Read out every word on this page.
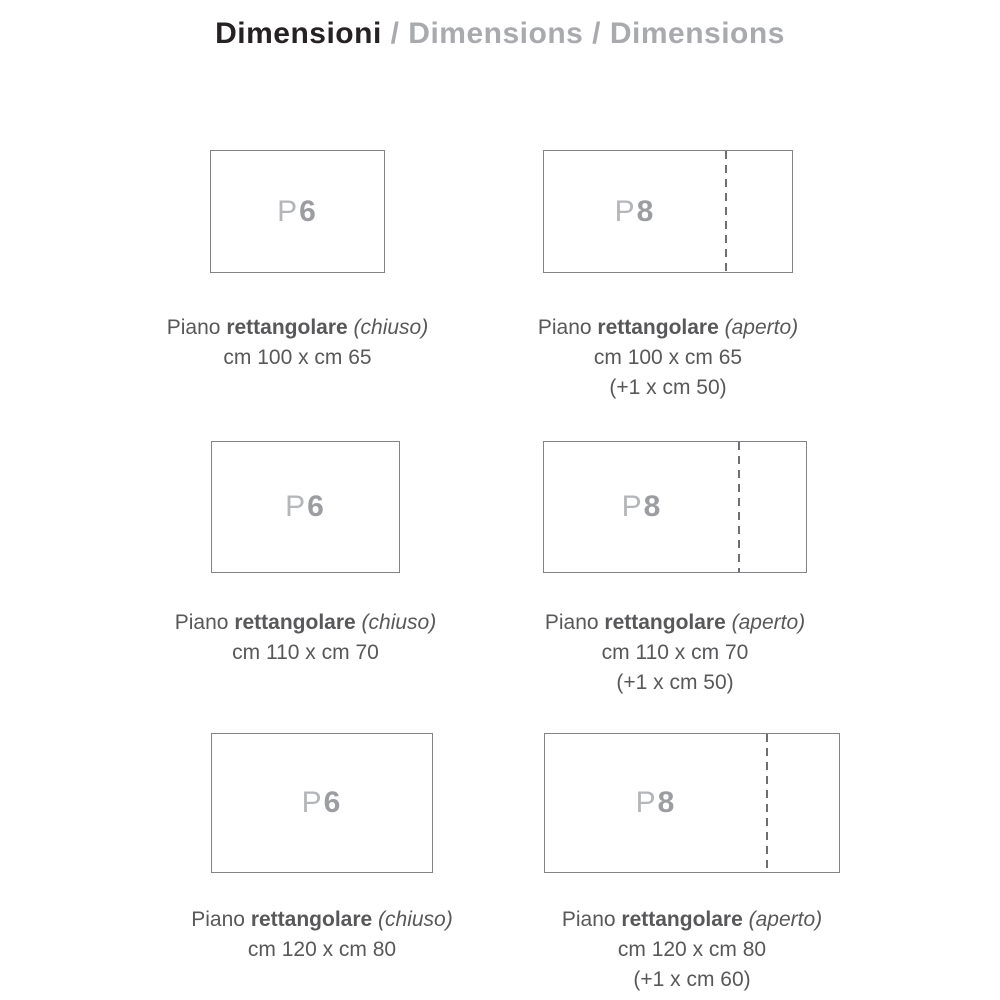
Dimensioni / Dimensions / Dimensions
P6
Piano rettangolare (chiuso)
cm 100 x cm 65
P8
Piano rettangolare (aperto)
cm 100 x cm 65
(+1 x cm 50)
P6
Piano rettangolare (chiuso)
cm 110 x cm 70
P8
Piano rettangolare (aperto)
cm 110 x cm 70
(+1 x cm 50)
P6
Piano rettangolare (chiuso)
cm 120 x cm 80
P8
Piano rettangolare (aperto)
cm 120 x cm 80
(+1 x cm 60)
